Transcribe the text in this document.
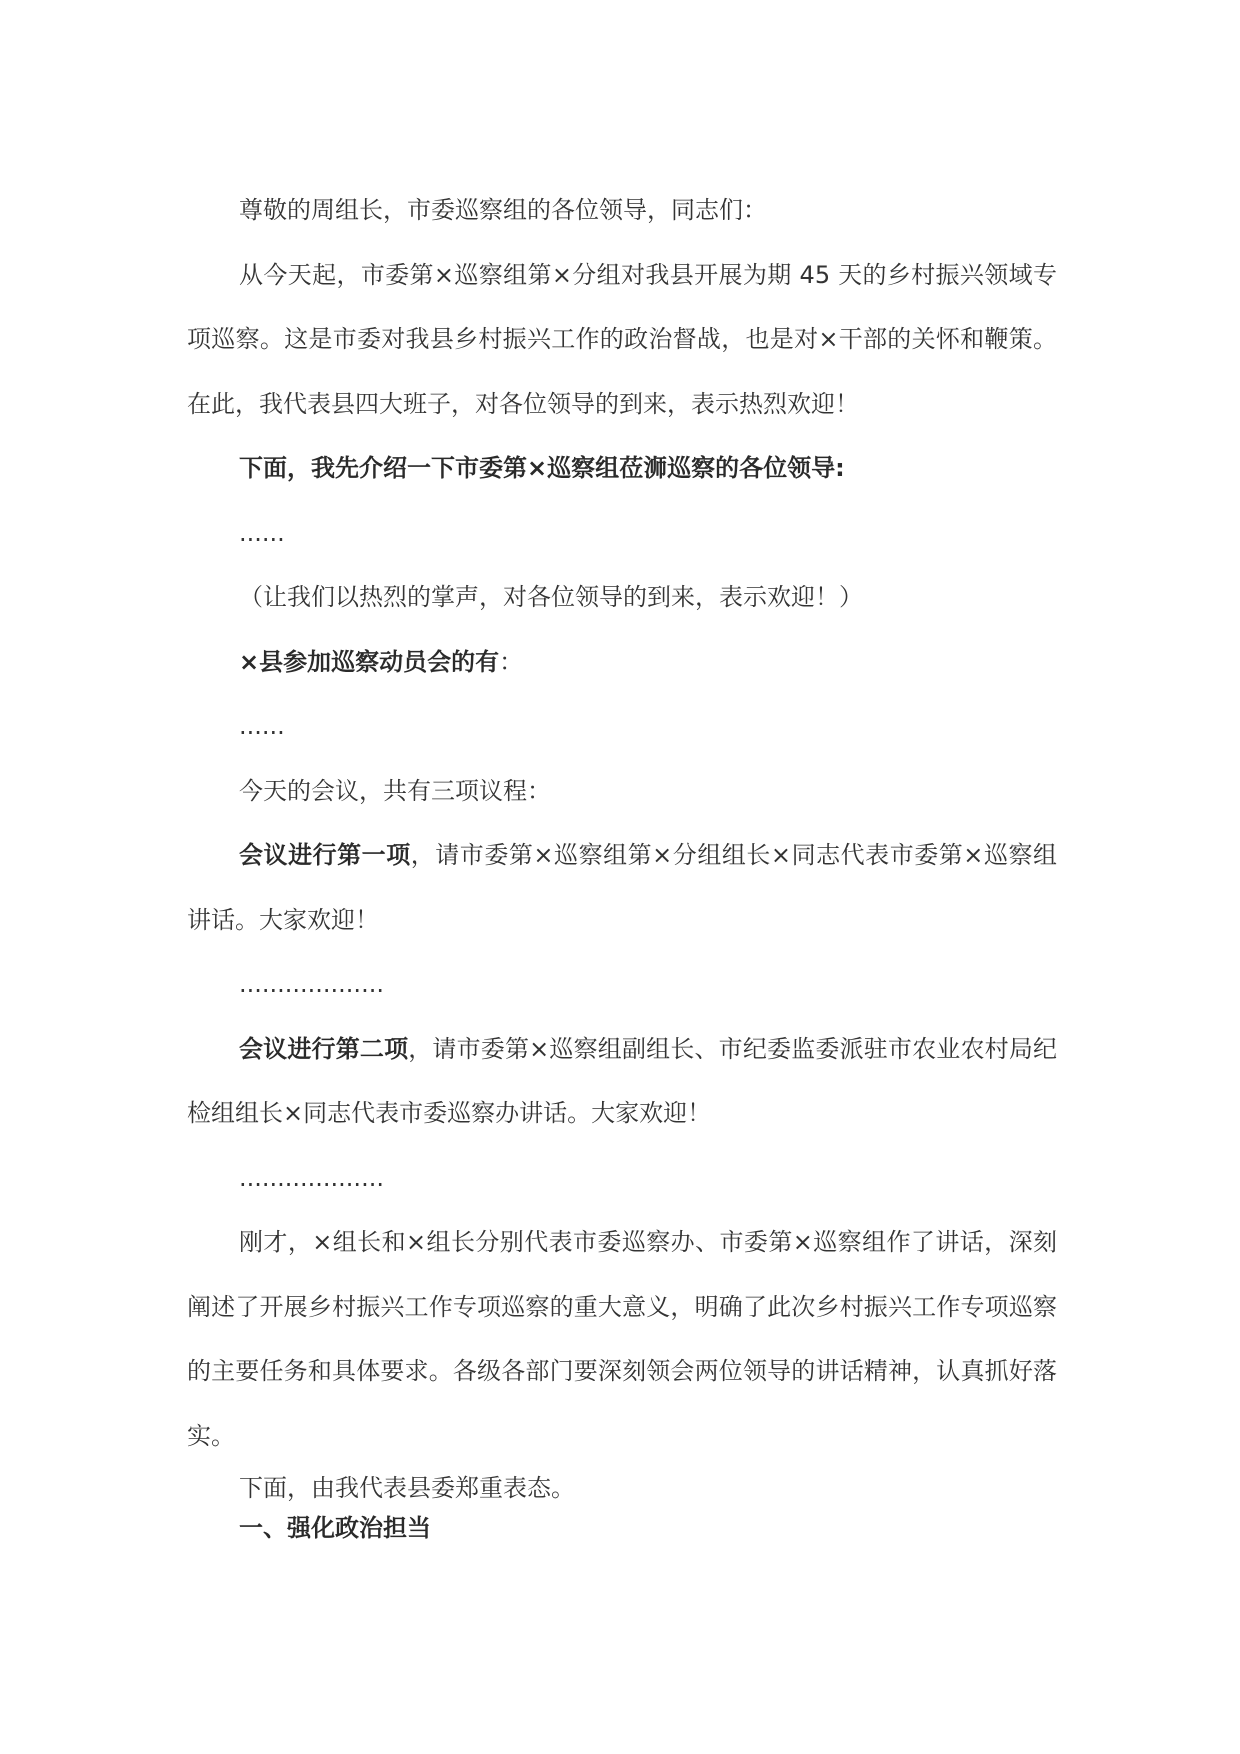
尊敬的周组长，市委巡察组的各位领导，同志们：

从今天起，市委第×巡察组第×分组对我县开展为期 45 天的乡村振兴领域专项巡察。这是市委对我县乡村振兴工作的政治督战，也是对×干部的关怀和鞭策。在此，我代表县四大班子，对各位领导的到来，表示热烈欢迎！

下面，我先介绍一下市委第×巡察组莅浉巡察的各位领导:

......

（让我们以热烈的掌声，对各位领导的到来，表示欢迎！）

×县参加巡察动员会的有：

......

今天的会议，共有三项议程：

会议进行第一项，请市委第×巡察组第×分组组长×同志代表市委第×巡察组讲话。大家欢迎！

...................

会议进行第二项，请市委第×巡察组副组长、市纪委监委派驻市农业农村局纪检组组长×同志代表市委巡察办讲话。大家欢迎！

...................

刚才，×组长和×组长分别代表市委巡察办、市委第×巡察组作了讲话，深刻阐述了开展乡村振兴工作专项巡察的重大意义，明确了此次乡村振兴工作专项巡察的主要任务和具体要求。各级各部门要深刻领会两位领导的讲话精神，认真抓好落实。

下面，由我代表县委郑重表态。

一、强化政治担当
